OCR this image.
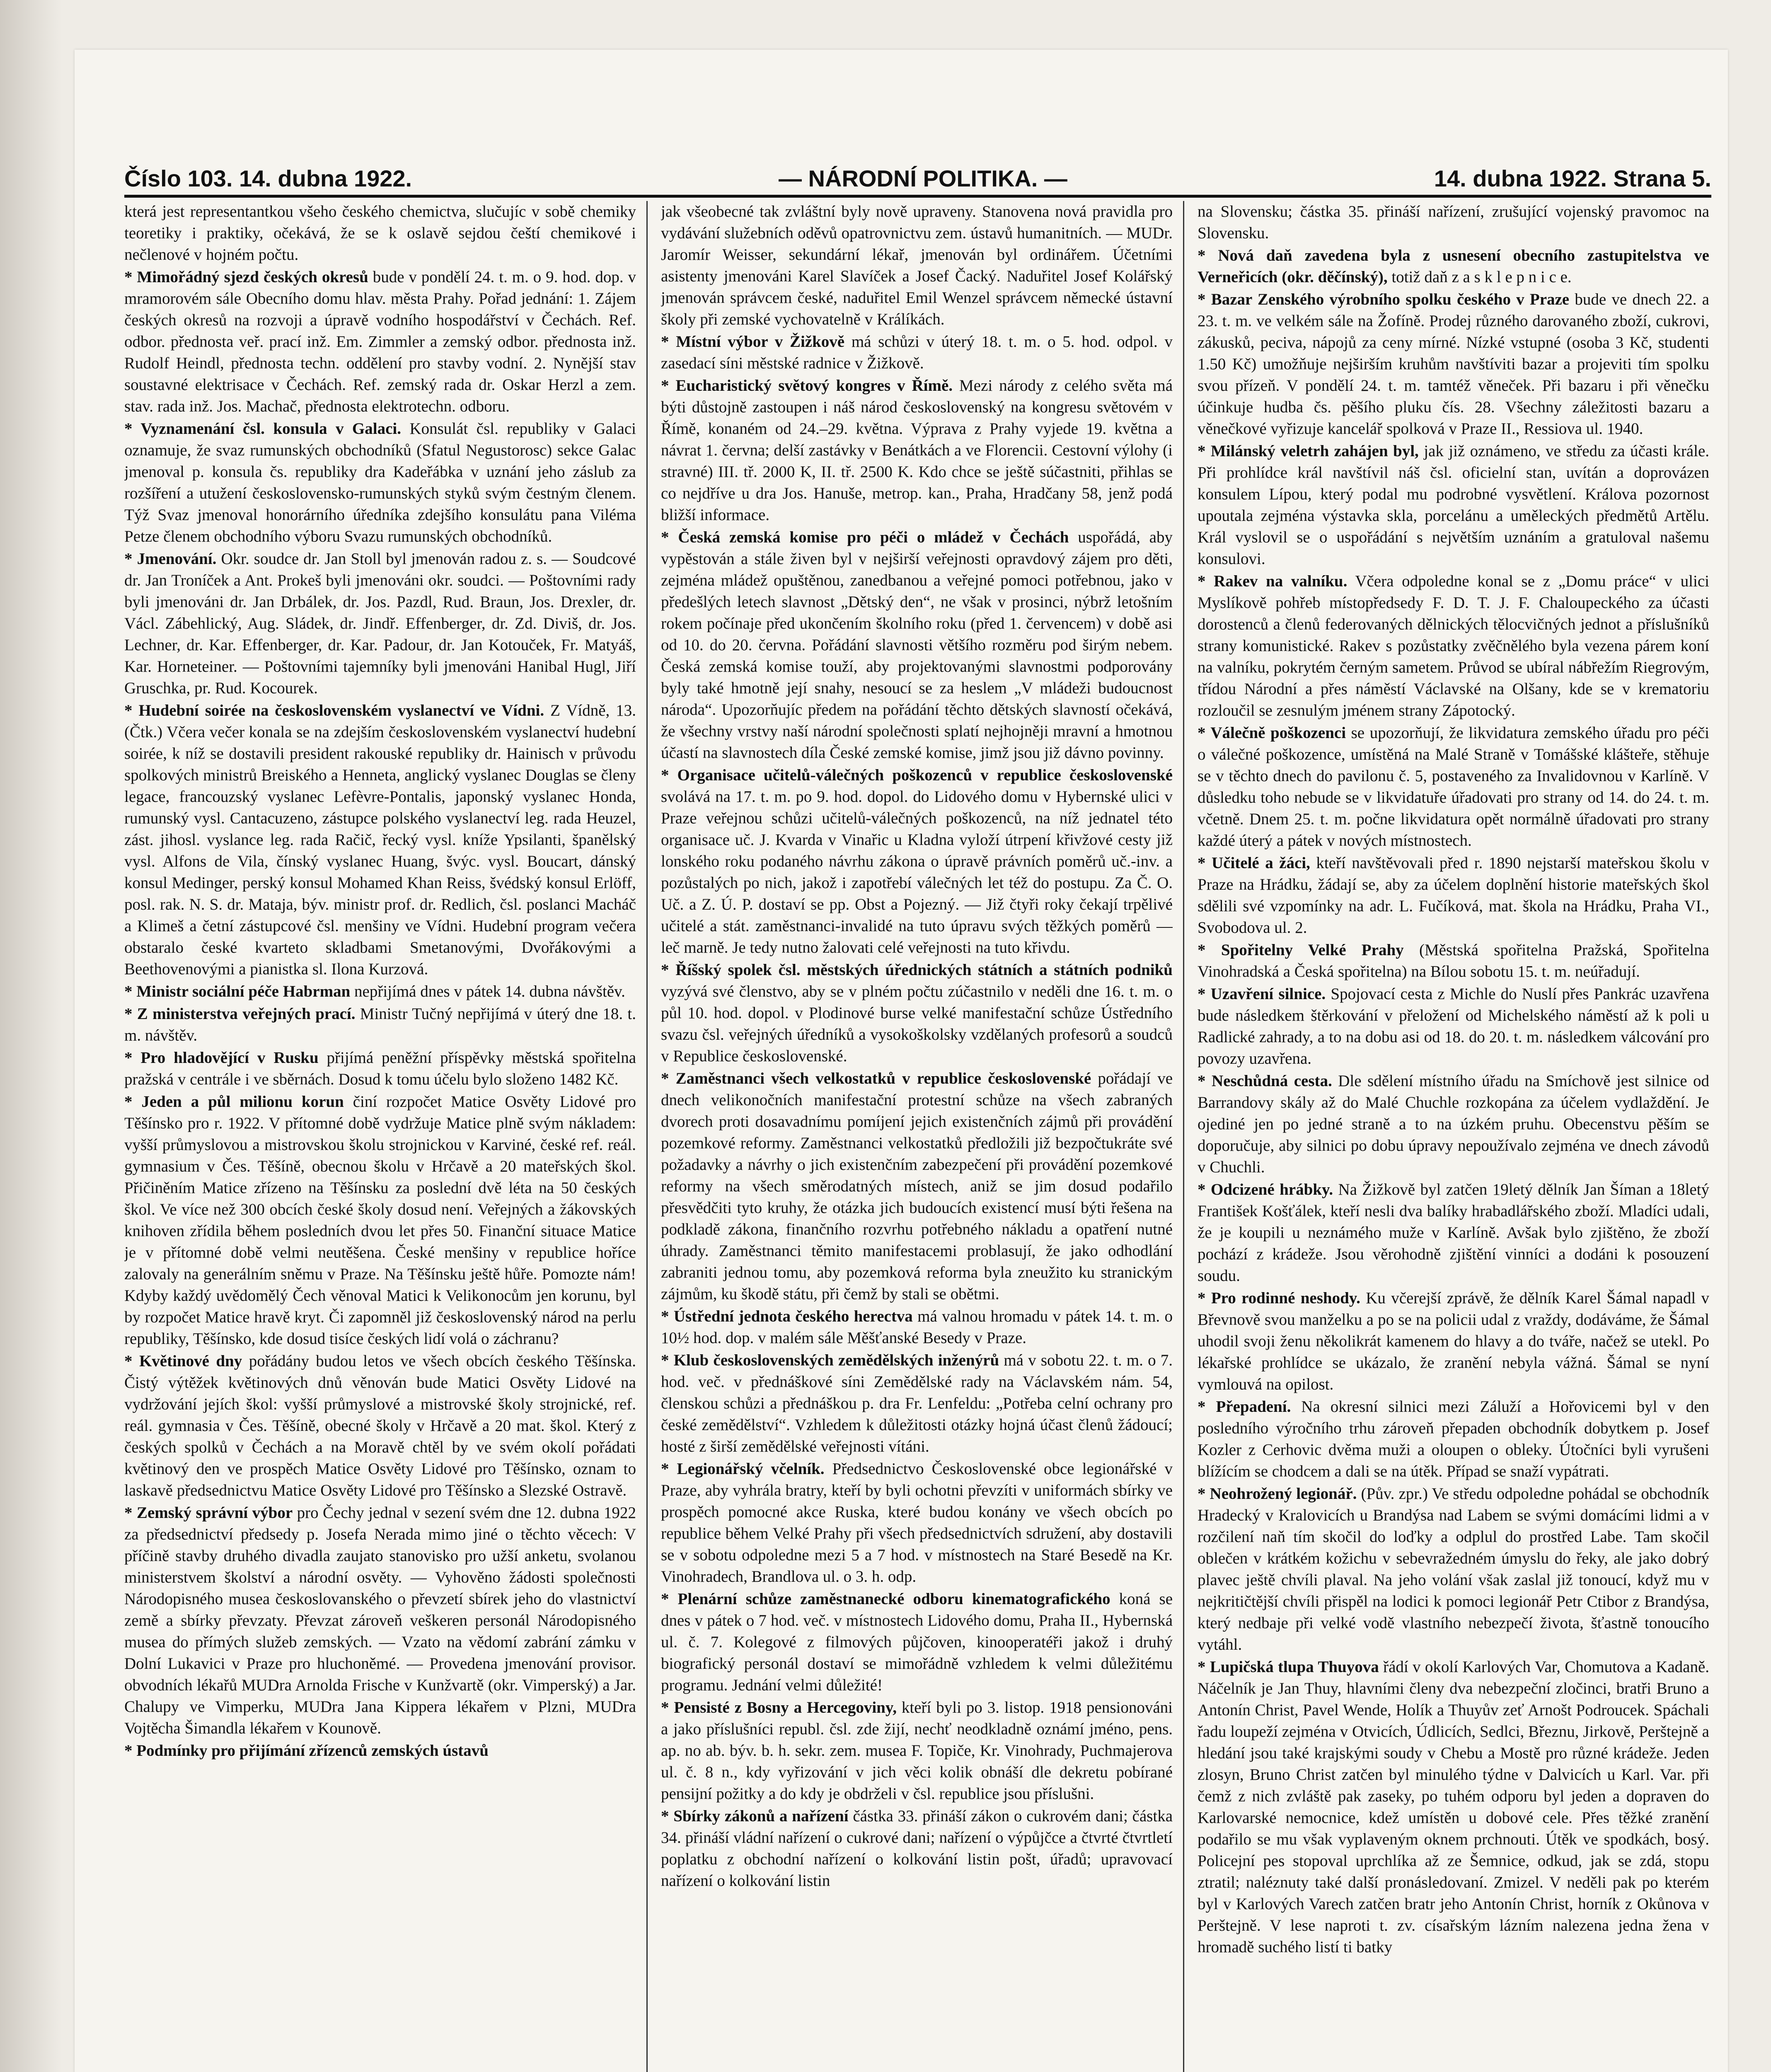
Číslo 103. 14. dubna 1922.	— NÁRODNÍ POLITIKA. —	14. dubna 1922. Strana 5.

která jest representantkou všeho českého chemictva, slučujíc v sobě chemiky teoretiky i praktiky, očekává, že se k oslavě sejdou čeští chemikové i nečlenové v hojném počtu.

* Mimořádný sjezd českých okresů bude v pondělí 24. t. m. o 9. hod. dop. v mramorovém sále Obecního domu hlav. města Prahy. Pořad jednání: 1. Zájem českých okresů na rozvoji a úpravě vodního hospodářství v Čechách. Ref. odbor. přednosta veř. prací inž. Em. Zimmler a zemský odbor. přednosta inž. Rudolf Heindl, přednosta techn. oddělení pro stavby vodní. 2. Nynější stav soustavné elektrisace v Čechách. Ref. zemský rada dr. Oskar Herzl a zem. stav. rada inž. Jos. Machač, přednosta elektrotechn. odboru.

* Vyznamenání čsl. konsula v Galaci. Konsulát čsl. republiky v Galaci oznamuje, že svaz rumunských obchodníků (Sfatul Negustorosc) sekce Galac jmenoval p. konsula čs. republiky dra Kadeřábka v uznání jeho záslub za rozšíření a utužení československo-rumunských styků svým čestným členem. Týž Svaz jmenoval honorárního úředníka zdejšího konsulátu pana Viléma Petze členem obchodního výboru Svazu rumunských obchodníků.

* Jmenování. Okr. soudce dr. Jan Stoll byl jmenován radou z. s. — Soudcové dr. Jan Troníček a Ant. Prokeš byli jmenováni okr. soudci. — Poštovními rady byli jmenováni dr. Jan Drbálek, dr. Jos. Pazdl, Rud. Braun, Jos. Drexler, dr. Václ. Zábehlický, Aug. Sládek, dr. Jindř. Effenberger, dr. Zd. Diviš, dr. Jos. Lechner, dr. Kar. Effenberger, dr. Kar. Padour, dr. Jan Kotouček, Fr. Matyáš, Kar. Horneteiner. — Poštovními tajemníky byli jmenováni Hanibal Hugl, Jiří Gruschka, pr. Rud. Kocourek.

* Hudební soirée na československém vyslanectví ve Vídni. Z Vídně, 13. (Čtk.) Včera večer konala se na zdejším československém vyslanectví hudební soirée, k níž se dostavili president rakouské republiky dr. Hainisch v průvodu spolkových ministrů Breiského a Henneta, anglický vyslanec Douglas se členy legace, francouzský vyslanec Lefèvre-Pontalis, japonský vyslanec Honda, rumunský vysl. Cantacuzeno, zástupce polského vyslanectví leg. rada Heuzel, zást. jihosl. vyslance leg. rada Račič, řecký vysl. kníže Ypsilanti, španělský vysl. Alfons de Vila, čínský vyslanec Huang, švýc. vysl. Boucart, dánský konsul Medinger, perský konsul Mohamed Khan Reiss, švédský konsul Erlöff, posl. rak. N. S. dr. Mataja, býv. ministr prof. dr. Redlich, čsl. poslanci Macháč a Klimeš a četní zástupcové čsl. menšiny ve Vídni. Hudební program večera obstaralo české kvarteto skladbami Smetanovými, Dvořákovými a Beethovenovými a pianistka sl. Ilona Kurzová.

* Ministr sociální péče Habrman nepřijímá dnes v pátek 14. dubna návštěv.

* Z ministerstva veřejných prací. Ministr Tučný nepřijímá v úterý dne 18. t. m. návštěv.

* Pro hladovějící v Rusku přijímá peněžní příspěvky městská spořitelna pražská v centrále i ve sběrnách. Dosud k tomu účelu bylo složeno 1482 Kč.

* Jeden a půl milionu korun činí rozpočet Matice Osvěty Lidové pro Těšínsko pro r. 1922. V přítomné době vydržuje Matice plně svým nákladem: vyšší průmyslovou a mistrovskou školu strojnickou v Karviné, české ref. reál. gymnasium v Čes. Těšíně, obecnou školu v Hrčavě a 20 mateřských škol. Přičiněním Matice zřízeno na Těšínsku za poslední dvě léta na 50 českých škol. Ve více než 300 obcích české školy dosud není. Veřejných a žákovských knihoven zřídila během posledních dvou let přes 50. Finanční situace Matice je v přítomné době velmi neutěšena. České menšiny v republice hoříce zalovaly na generálním sněmu v Praze. Na Těšínsku ještě hůře. Pomozte nám! Kdyby každý uvědomělý Čech věnoval Matici k Velikonocům jen korunu, byl by rozpočet Matice hravě kryt. Či zapomněl již československý národ na perlu republiky, Těšínsko, kde dosud tisíce českých lidí volá o záchranu?

* Květinové dny pořádány budou letos ve všech obcích českého Těšínska. Čistý výtěžek květinových dnů věnován bude Matici Osvěty Lidové na vydržování jejích škol: vyšší průmyslové a mistrovské školy strojnické, ref. reál. gymnasia v Čes. Těšíně, obecné školy v Hrčavě a 20 mat. škol. Který z českých spolků v Čechách a na Moravě chtěl by ve svém okolí pořádati květinový den ve prospěch Matice Osvěty Lidové pro Těšínsko, oznam to laskavě předsednictvu Matice Osvěty Lidové pro Těšínsko a Slezské Ostravě.

* Zemský správní výbor pro Čechy jednal v sezení svém dne 12. dubna 1922 za předsednictví předsedy p. Josefa Nerada mimo jiné o těchto věcech: V příčině stavby druhého divadla zaujato stanovisko pro užší anketu, svolanou ministerstvem školství a národní osvěty. — Vyhověno žádosti společnosti Národopisného musea českoslovanského o převzetí sbírek jeho do vlastnictví země a sbírky převzaty. Převzat zároveň veškeren personál Národopisného musea do přímých služeb zemských. — Vzato na vědomí zabrání zámku v Dolní Lukavici v Praze pro hluchoněmé. — Provedena jmenování provisor. obvodních lékařů MUDra Arnolda Frische v Kunžvartě (okr. Vimperský) a Jar. Chalupy ve Vimperku, MUDra Jana Kippera lékařem v Plzni, MUDra Vojtěcha Šimandla lékařem v Kounově.

* Podmínky pro přijímání zřízenců zemských ústavů

jak všeobecné tak zvláštní byly nově upraveny. Stanovena nová pravidla pro vydávání služebních oděvů opatrovnictvu zem. ústavů humanitních. — MUDr. Jaromír Weisser, sekundární lékař, jmenován byl ordinářem. Účetními asistenty jmenováni Karel Slavíček a Josef Čacký. Naduřitel Josef Kolářský jmenován správcem české, naduřitel Emil Wenzel správcem německé ústavní školy při zemské vychovatelně v Králíkách.

* Místní výbor v Žižkově má schůzi v úterý 18. t. m. o 5. hod. odpol. v zasedací síni městské radnice v Žižkově.

* Eucharistický světový kongres v Římě. Mezi národy z celého světa má býti důstojně zastoupen i náš národ československý na kongresu světovém v Římě, konaném od 24.–29. května. Výprava z Prahy vyjede 19. května a návrat 1. června; delší zastávky v Benátkách a ve Florencii. Cestovní výlohy (i stravné) III. tř. 2000 K, II. tř. 2500 K. Kdo chce se ještě súčastniti, přihlas se co nejdříve u dra Jos. Hanuše, metrop. kan., Praha, Hradčany 58, jenž podá bližší informace.

* Česká zemská komise pro péči o mládež v Čechách uspořádá, aby vypěstován a stále živen byl v nejširší veřejnosti opravdový zájem pro děti, zejména mládež opuštěnou, zanedbanou a veřejné pomoci potřebnou, jako v předešlých letech slavnost „Dětský den“, ne však v prosinci, nýbrž letošním rokem počínaje před ukončením školního roku (před 1. červencem) v době asi od 10. do 20. června. Pořádání slavnosti většího rozměru pod širým nebem. Česká zemská komise touží, aby projektovanými slavnostmi podporovány byly také hmotně její snahy, nesoucí se za heslem „V mládeži budoucnost národa“. Upozorňujíc předem na pořádání těchto dětských slavností očekává, že všechny vrstvy naší národní společnosti splatí nejhojněji mravní a hmotnou účastí na slavnostech díla České zemské komise, jimž jsou již dávno povinny.

* Organisace učitelů-válečných poškozenců v republice československé svolává na 17. t. m. po 9. hod. dopol. do Lidového domu v Hybernské ulici v Praze veřejnou schůzi učitelů-válečných poškozenců, na níž jednatel této organisace uč. J. Kvarda v Vinařic u Kladna vyloží útrpení křivžové cesty již lonského roku podaného návrhu zákona o úpravě právních poměrů uč.-inv. a pozůstalých po nich, jakož i zapotřebí válečných let též do postupu. Za Č. O. Uč. a Z. Ú. P. dostaví se pp. Obst a Pojezný. — Již čtyři roky čekají trpělivé učitelé a stát. zaměstnanci-invalidé na tuto úpravu svých těžkých poměrů — leč marně. Je tedy nutno žalovati celé veřejnosti na tuto křivdu.

* Říšský spolek čsl. městských úřednických státních a státních podniků vyzývá své členstvo, aby se v plném počtu zúčastnilo v neděli dne 16. t. m. o půl 10. hod. dopol. v Plodinové burse velké manifestační schůze Ústředního svazu čsl. veřejných úředníků a vysokoškolsky vzdělaných profesorů a soudců v Republice československé.

* Zaměstnanci všech velkostatků v republice československé pořádají ve dnech velikonočních manifestační protestní schůze na všech zabraných dvorech proti dosavadnímu pomíjení jejich existenčních zájmů při provádění pozemkové reformy. Zaměstnanci velkostatků předložili již bezpočtukráte své požadavky a návrhy o jich existenčním zabezpečení při provádění pozemkové reformy na všech směrodatných místech, aniž se jim dosud podařilo přesvědčiti tyto kruhy, že otázka jich budoucích existencí musí býti řešena na podkladě zákona, finančního rozvrhu potřebného nákladu a opatření nutné úhrady. Zaměstnanci těmito manifestacemi problasují, že jako odhodlání zabraniti jednou tomu, aby pozemková reforma byla zneužito ku stranickým zájmům, ku škodě státu, při čemž by stali se obětmi.

* Ústřední jednota českého herectva má valnou hromadu v pátek 14. t. m. o 10½ hod. dop. v malém sále Měšťanské Besedy v Praze.

* Klub československých zemědělských inženýrů má v sobotu 22. t. m. o 7. hod. več. v přednáškové síni Zemědělské rady na Václavském nám. 54, členskou schůzi a přednáškou p. dra Fr. Lenfeldu: „Potřeba celní ochrany pro české zemědělství“. Vzhledem k důležitosti otázky hojná účast členů žádoucí; hosté z širší zemědělské veřejnosti vítáni.

* Legionářský včelník. Předsednictvo Československé obce legionářské v Praze, aby vyhrála bratry, kteří by byli ochotni převzíti v uniformách sbírky ve prospěch pomocné akce Ruska, které budou konány ve všech obcích po republice během Velké Prahy při všech předsednictvích sdružení, aby dostavili se v sobotu odpoledne mezi 5 a 7 hod. v místnostech na Staré Besedě na Kr. Vinohradech, Brandlova ul. o 3. h. odp.

* Plenární schůze zaměstnanecké odboru kinematografického koná se dnes v pátek o 7 hod. več. v místnostech Lidového domu, Praha II., Hybernská ul. č. 7. Kolegové z filmových půjčoven, kinooperatéři jakož i druhý biografický personál dostaví se mimořádně vzhledem k velmi důležitému programu. Jednání velmi důležité!

* Pensisté z Bosny a Hercegoviny, kteří byli po 3. listop. 1918 pensionováni a jako příslušníci republ. čsl. zde žijí, nechť neodkladně oznámí jméno, pens. ap. no ab. býv. b. h. sekr. zem. musea F. Topiče, Kr. Vinohrady, Puchmajerova ul. č. 8 n., kdy vyřizování v jich věci kolik obnáší dle dekretu pobírané pensijní požitky a do kdy je obdrželi v čsl. republice jsou příslušni.

* Sbírky zákonů a nařízení částka 33. přináší zákon o cukrovém dani; částka 34. přináší vládní nařízení o cukrové dani; nařízení o výpůjčce a čtvrté čtvrtletí poplatku z obchodní nařízení o kolkování listin pošt, úřadů; upravovací nařízení o kolkování listin

na Slovensku; částka 35. přináší nařízení, zrušující vojenský pravomoc na Slovensku.

* Nová daň zavedena byla z usnesení obecního zastupitelstva ve Verneřicích (okr. děčínský), totiž daň z a s k l e p n i c e.

* Bazar Zenského výrobního spolku českého v Praze bude ve dnech 22. a 23. t. m. ve velkém sále na Žofíně. Prodej různého darovaného zboží, cukrovi, zákusků, peciva, nápojů za ceny mírné. Nízké vstupné (osoba 3 Kč, studenti 1.50 Kč) umožňuje nejširším kruhům navštíviti bazar a projeviti tím spolku svou přízeň. V pondělí 24. t. m. tamtéž věneček. Při bazaru i při věnečku účinkuje hudba čs. pěšího pluku čís. 28. Všechny záležitosti bazaru a věnečkové vyřizuje kancelář spolková v Praze II., Ressiova ul. 1940.

* Milánský veletrh zahájen byl, jak již oznámeno, ve středu za účasti krále. Při prohlídce král navštívil náš čsl. oficielní stan, uvítán a doprovázen konsulem Lípou, který podal mu podrobné vysvětlení. Králova pozornost upoutala zejména výstavka skla, porcelánu a uměleckých předmětů Artělu. Král vyslovil se o uspořádání s největším uznáním a gratuloval našemu konsulovi.

* Rakev na valníku. Včera odpoledne konal se z „Domu práce“ v ulici Myslíkově pohřeb místopředsedy F. D. T. J. F. Chaloupeckého za účasti dorostenců a členů federovaných dělnických tělocvičných jednot a příslušníků strany komunistické. Rakev s pozůstatky zvěčnělého byla vezena párem koní na valníku, pokrytém černým sametem. Průvod se ubíral nábřežím Riegrovým, třídou Národní a přes náměstí Václavské na Olšany, kde se v krematoriu rozloučil se zesnulým jménem strany Zápotocký.

* Válečně poškozenci se upozorňují, že likvidatura zemského úřadu pro péči o válečné poškozence, umístěná na Malé Straně v Tomášské klášteře, stěhuje se v těchto dnech do pavilonu č. 5, postaveného za Invalidovnou v Karlíně. V důsledku toho nebude se v likvidatuře úřadovati pro strany od 14. do 24. t. m. včetně. Dnem 25. t. m. počne likvidatura opět normálně úřadovati pro strany každé úterý a pátek v nových místnostech.

* Učitelé a žáci, kteří navštěvovali před r. 1890 nejstarší mateřskou školu v Praze na Hrádku, žádají se, aby za účelem doplnění historie mateřských škol sdělili své vzpomínky na adr. L. Fučíková, mat. škola na Hrádku, Praha VI., Svobodova ul. 2.

* Spořitelny Velké Prahy (Městská spořitelna Pražská, Spořitelna Vinohradská a Česká spořitelna) na Bílou sobotu 15. t. m. neúřadují.

* Uzavření silnice. Spojovací cesta z Michle do Nuslí přes Pankrác uzavřena bude následkem štěrkování v přeložení od Michelského náměstí až k poli u Radlické zahrady, a to na dobu asi od 18. do 20. t. m. následkem válcování pro povozy uzavřena.

* Neschůdná cesta. Dle sdělení místního úřadu na Smíchově jest silnice od Barrandovy skály až do Malé Chuchle rozkopána za účelem vydlaždění. Je ojediné jen po jedné straně a to na úzkém pruhu. Obecenstvu pěším se doporučuje, aby silnici po dobu úpravy nepoužívalo zejména ve dnech závodů v Chuchli.

* Odcizené hrábky. Na Žižkově byl zatčen 19letý dělník Jan Šíman a 18letý František Košťálek, kteří nesli dva balíky hrabadlářského zboží. Mladíci udali, že je koupili u neznámého muže v Karlíně. Avšak bylo zjištěno, že zboží pochází z krádeže. Jsou věrohodně zjištění vinníci a dodáni k posouzení soudu.

* Pro rodinné neshody. Ku včerejší zprávě, že dělník Karel Šámal napadl v Břevnově svou manželku a po se na policii udal z vraždy, dodáváme, že Šámal uhodil svoji ženu několikrát kamenem do hlavy a do tváře, načež se utekl. Po lékařské prohlídce se ukázalo, že zranění nebyla vážná. Šámal se nyní vymlouvá na opilost.

* Přepadení. Na okresní silnici mezi Záluží a Hořovicemi byl v den posledního výročního trhu zároveň přepaden obchodník dobytkem p. Josef Kozler z Cerhovic dvěma muži a oloupen o obleky. Útočníci byli vyrušeni blížícím se chodcem a dali se na útěk. Případ se snaží vypátrati.

* Neohrožený legionář. (Pův. zpr.) Ve středu odpoledne pohádal se obchodník Hradecký v Kralovicích u Brandýsa nad Labem se svými domácími lidmi a v rozčilení naň tím skočil do loďky a odplul do prostřed Labe. Tam skočil oblečen v krátkém kožichu v sebevražedném úmyslu do řeky, ale jako dobrý plavec ještě chvíli plaval. Na jeho volání však zaslal již tonoucí, když mu v nejkritičtější chvíli přispěl na lodici k pomoci legionář Petr Ctibor z Brandýsa, který nedbaje při velké vodě vlastního nebezpečí života, šťastně tonoucího vytáhl.

* Lupičská tlupa Thuyova řádí v okolí Karlových Var, Chomutova a Kadaně. Náčelník je Jan Thuy, hlavními členy dva nebezpeční zločinci, bratři Bruno a Antonín Christ, Pavel Wende, Holík a Thuyův zeť Arnošt Podroucek. Spáchali řadu loupeží zejména v Otvicích, Údlicích, Sedlci, Březnu, Jirkově, Perštejně a hledání jsou také krajskými soudy v Chebu a Mostě pro různé krádeže. Jeden zlosyn, Bruno Christ zatčen byl minulého týdne v Dalvicích u Karl. Var. při čemž z nich zvláště pak zaseky, po tuhém odporu byl jeden a dopraven do Karlovarské nemocnice, kdež umístěn u dobové cele. Přes těžké zranění podařilo se mu však vyplaveným oknem prchnouti. Útěk ve spodkách, bosý. Policejní pes stopoval uprchlíka až ze Šemnice, odkud, jak se zdá, stopu ztratil; naléznuty také další pronásledovaní. Zmizel. V neděli pak po kterém byl v Karlových Varech zatčen bratr jeho Antonín Christ, horník z Okůnova v Perštejně. V lese naproti t. zv. císařským lázním nalezena jedna žena v hromadě suchého listí ti batky
